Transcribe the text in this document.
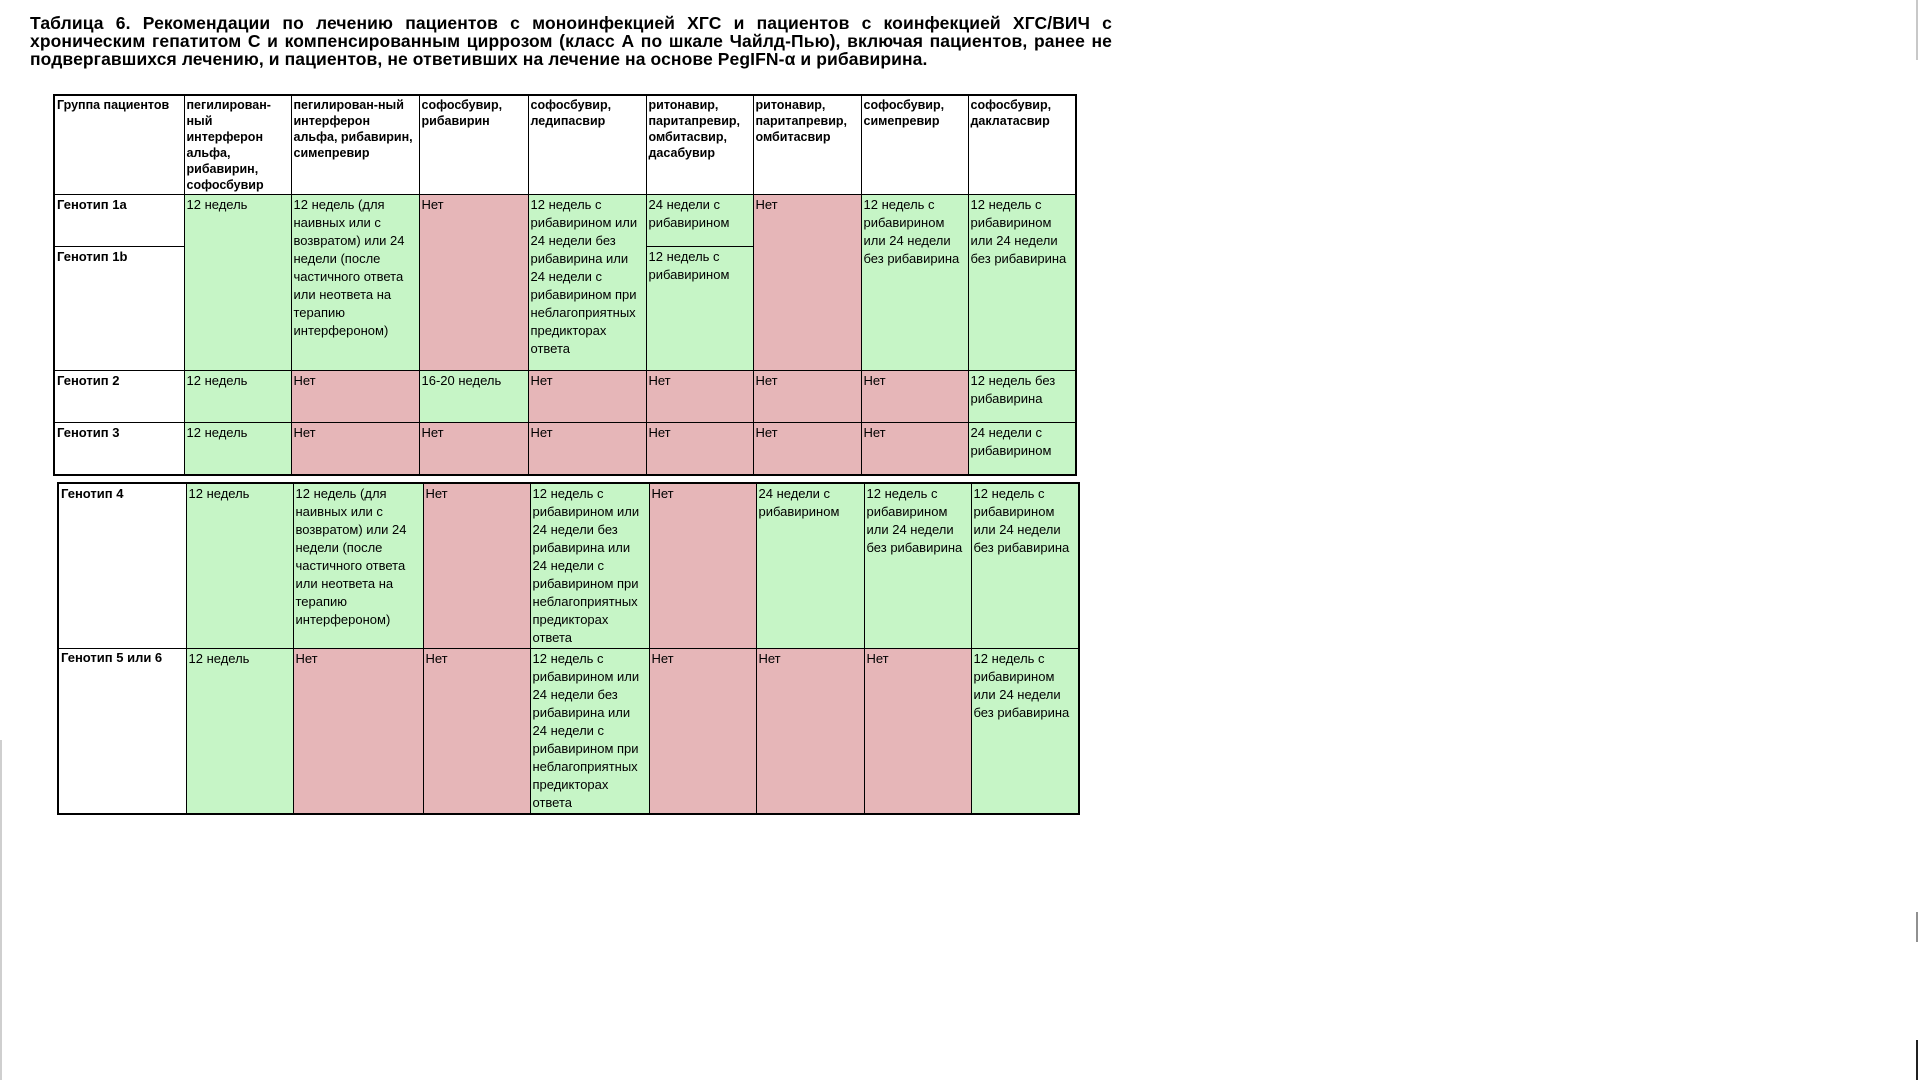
Таблица 6. Рекомендации по лечению пациентов с моноинфекцией ХГС и пациентов с коинфекцией ХГС/ВИЧ с хроническим гепатитом С и компенсированным циррозом (класс А по шкале Чайлд-Пью), включая пациентов, ранее не подвергавшихся лечению, и пациентов, не ответивших на лечение на основе PegIFN-α и рибавирина.
Группа пациентов	пегилирован-ный интерферон альфа, рибавирин, софосбувир	пегилирован-ный интерферон альфа, рибавирин, симепревир	софосбувир, рибавирин	софосбувир, ледипасвир	ритонавир, паритапревир, омбитасвир, дасабувир	ритонавир, паритапревир, омбитасвир	софосбувир, симепревир	софосбувир, даклатасвир
Генотип 1а	12 недель	12 недель (для наивных или с возвратом) или 24 недели (после частичного ответа или неответа на терапию интерфероном)	Нет	12 недель с рибавирином или 24 недели без рибавирина или 24 недели с рибавирином при неблагоприятных предикторах ответа	24 недели с рибавирином	Нет	12 недель с рибавирином или 24 недели без рибавирина	12 недель с рибавирином или 24 недели без рибавирина
Генотип 1b					12 недель с рибавирином			
Генотип 2	12 недель	Нет	16-20 недель	Нет	Нет	Нет	Нет	12 недель без рибавирина
Генотип 3	12 недель	Нет	Нет	Нет	Нет	Нет	Нет	24 недели с рибавирином
Генотип 4	12 недель	12 недель (для наивных или с возвратом) или 24 недели (после частичного ответа или неответа на терапию интерфероном)	Нет	12 недель с рибавирином или 24 недели без рибавирина или 24 недели с рибавирином при неблагоприятных предикторах ответа	Нет	24 недели с рибавирином	12 недель с рибавирином или 24 недели без рибавирина	12 недель с рибавирином или 24 недели без рибавирина
Генотип 5 или 6	12 недель	Нет	Нет	12 недель с рибавирином или 24 недели без рибавирина или 24 недели с рибавирином при неблагоприятных предикторах ответа	Нет	Нет	Нет	12 недель с рибавирином или 24 недели без рибавирина
